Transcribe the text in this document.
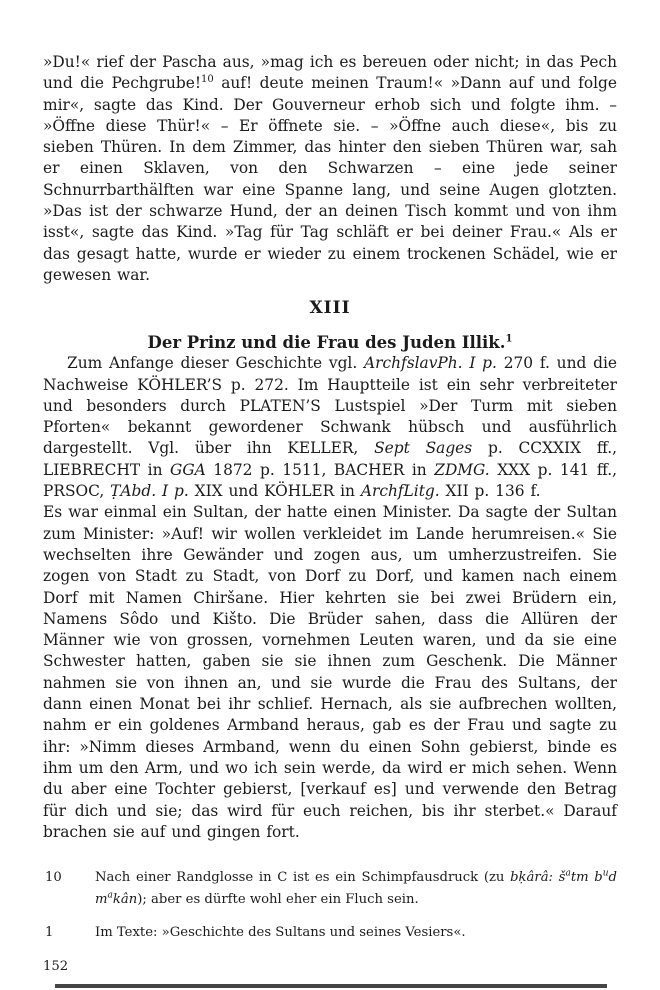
»Du!« rief der Pascha aus, »mag ich es bereuen oder nicht; in das Pech und die Pechgrube!$^{10}$ auf! deute meinen Traum!« »Dann auf und folge mir«, sagte das Kind. Der Gouverneur erhob sich und folgte ihm. – »Öffne diese Thür!« – Er öffnete sie. – »Öffne auch diese«, bis zu sieben Thüren. In dem Zimmer, das hinter den sieben Thüren war, sah er einen Sklaven, von den Schwarzen – eine jede seiner Schnurrbarthälften war eine Spanne lang, und seine Augen glotzten. »Das ist der schwarze Hund, der an deinen Tisch kommt und von ihm isst«, sagte das Kind. »Tag für Tag schläft er bei deiner Frau.« Als er das gesagt hatte, wurde er wieder zu einem trockenen Schädel, wie er gewesen war.

XIII
Der Prinz und die Frau des Juden Illik.$^1$

Zum Anfange dieser Geschichte vgl. ArchfslavPh. I p. 270 f. und die Nachweise KÖHLER’S p. 272. Im Hauptteile ist ein sehr verbreiteter und besonders durch PLATEN’S Lustspiel »Der Turm mit sieben Pforten« bekannt gewordener Schwank hübsch und ausführlich dargestellt. Vgl. über ihn KELLER, Sept Sages p. CCXXIX ff., LIEBRECHT in GGA 1872 p. 1511, BACHER in ZDMG. XXX p. 141 ff., PRSOC, ṬAbd. I p. XIX und KÖHLER in ArchfLitg. XII p. 136 f.

Es war einmal ein Sultan, der hatte einen Minister. Da sagte der Sultan zum Minister: »Auf! wir wollen verkleidet im Lande herumreisen.« Sie wechselten ihre Gewänder und zogen aus, um umherzustreifen. Sie zogen von Stadt zu Stadt, von Dorf zu Dorf, und kamen nach einem Dorf mit Namen Chiršane. Hier kehrten sie bei zwei Brüdern ein, Namens Sôdo und Kišto. Die Brüder sahen, dass die Allüren der Männer wie von grossen, vornehmen Leuten waren, und da sie eine Schwester hatten, gaben sie sie ihnen zum Geschenk. Die Männer nahmen sie von ihnen an, und sie wurde die Frau des Sultans, der dann einen Monat bei ihr schlief. Hernach, als sie aufbrechen wollten, nahm er ein goldenes Armband heraus, gab es der Frau und sagte zu ihr: »Nimm dieses Armband, wenn du einen Sohn gebierst, binde es ihm um den Arm, und wo ich sein werde, da wird er mich sehen. Wenn du aber eine Tochter gebierst, [verkauf es] und verwende den Betrag für dich und sie; das wird für euch reichen, bis ihr sterbet.« Darauf brachen sie auf und gingen fort.

10	Nach einer Randglosse in C ist es ein Schimpfausdruck (zu bḳârâ: $š^atm$ $b^ud$ $m^akân$); aber es dürfte wohl eher ein Fluch sein.
1	Im Texte: »Geschichte des Sultans und seines Vesiers«.
152
